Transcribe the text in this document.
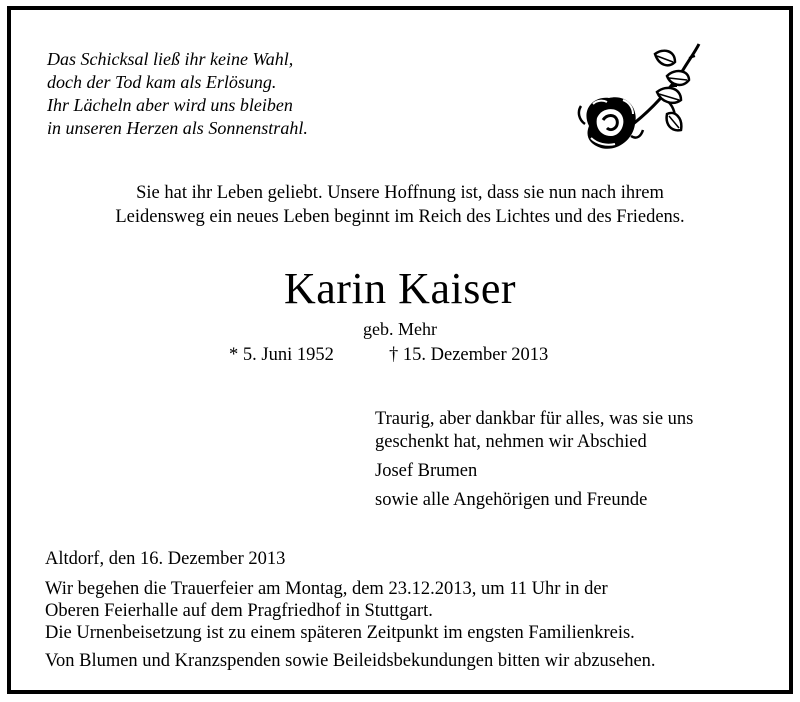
Das Schicksal ließ ihr keine Wahl,
doch der Tod kam als Erlösung.
Ihr Lächeln aber wird uns bleiben
in unseren Herzen als Sonnenstrahl.
Sie hat ihr Leben geliebt. Unsere Hoffnung ist, dass sie nun nach ihrem
Leidensweg ein neues Leben beginnt im Reich des Lichtes und des Friedens.
Karin Kaiser
geb. Mehr
* 5. Juni 1952	† 15. Dezember 2013
Traurig, aber dankbar für alles, was sie uns
geschenkt hat, nehmen wir Abschied
Josef Brumen
sowie alle Angehörigen und Freunde

Altdorf, den 16. Dezember 2013

Wir begehen die Trauerfeier am Montag, dem 23.12.2013, um 11 Uhr in der

Oberen Feierhalle auf dem Pragfriedhof in Stuttgart.

Die Urnenbeisetzung ist zu einem späteren Zeitpunkt im engsten Familienkreis.

Von Blumen und Kranzspenden sowie Beileidsbekundungen bitten wir abzusehen.
